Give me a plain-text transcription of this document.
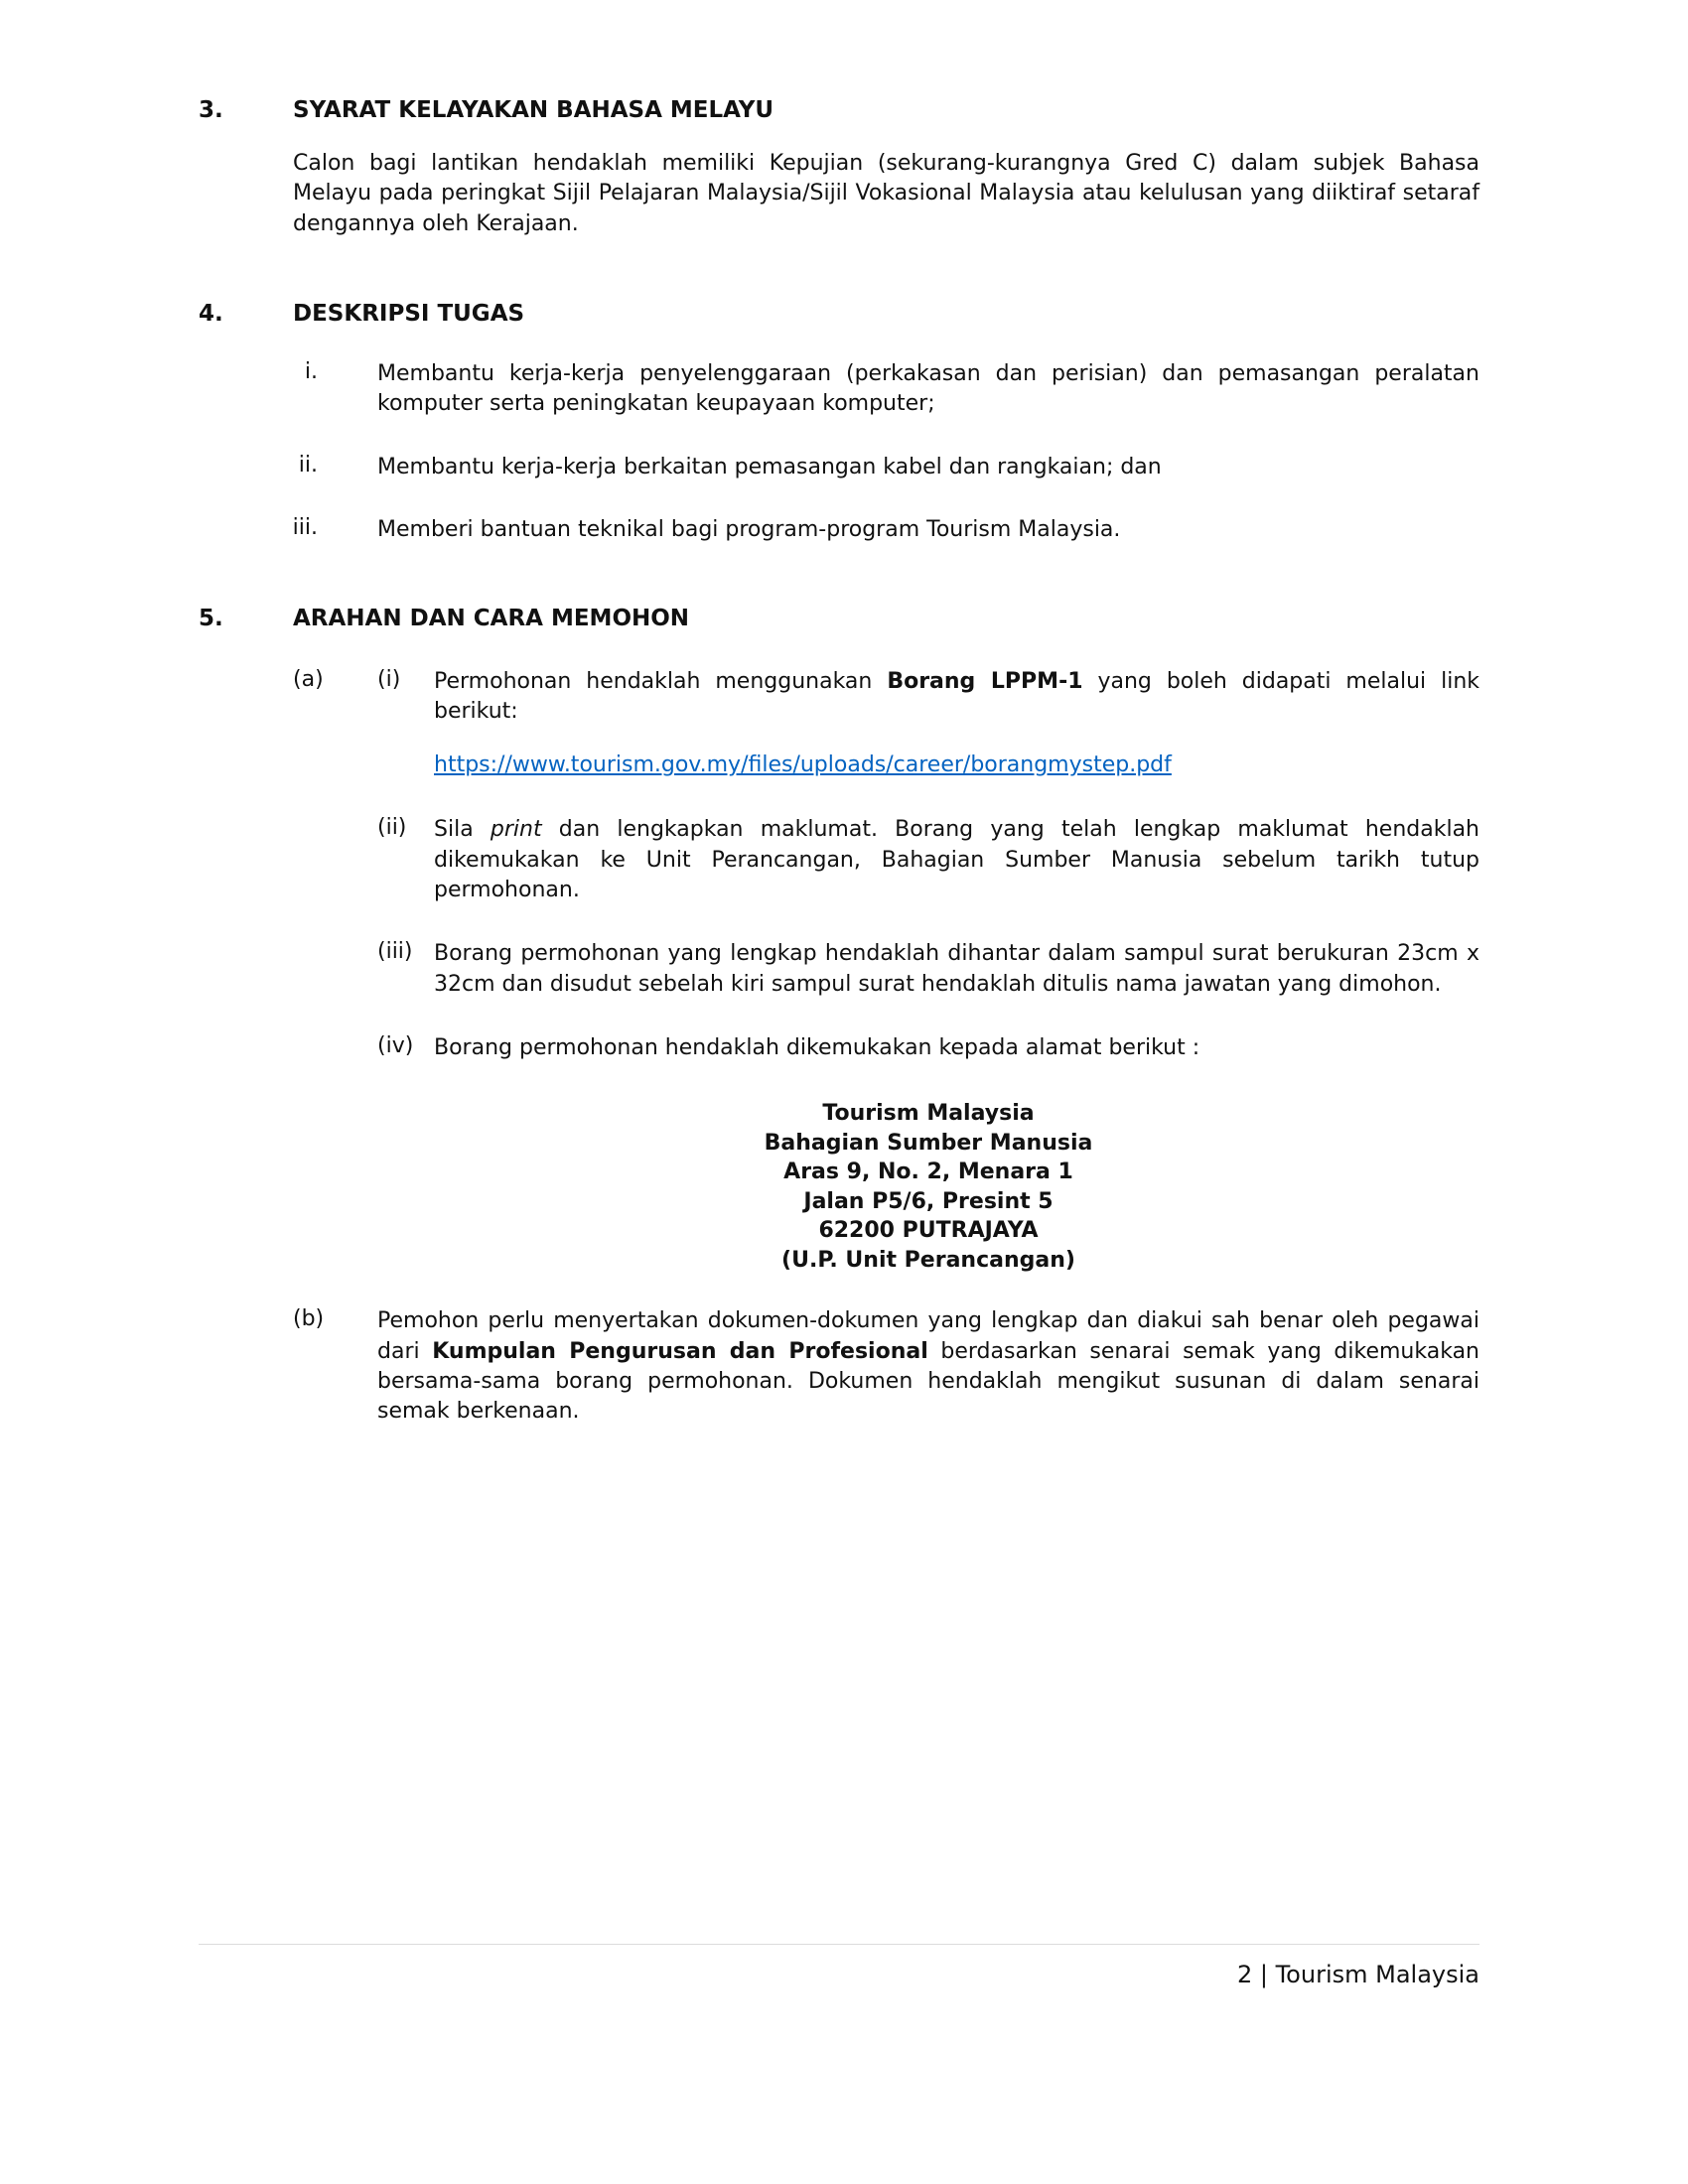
3.	SYARAT KELAYAKAN BAHASA MELAYU

Calon bagi lantikan hendaklah memiliki Kepujian (sekurang-kurangnya Gred C) dalam subjek Bahasa Melayu pada peringkat Sijil Pelajaran Malaysia/Sijil Vokasional Malaysia atau kelulusan yang diiktiraf setaraf dengannya oleh Kerajaan.

4.	DESKRIPSI TUGAS
i.	Membantu kerja-kerja penyelenggaraan (perkakasan dan perisian) dan pemasangan peralatan komputer serta peningkatan keupayaan komputer;
ii.	Membantu kerja-kerja berkaitan pemasangan kabel dan rangkaian; dan
iii.	Memberi bantuan teknikal bagi program-program Tourism Malaysia.
5.	ARAHAN DAN CARA MEMOHON
(a)	(i)	Permohonan hendaklah menggunakan Borang LPPM-1 yang boleh didapati melalui link berikut:
https://www.tourism.gov.my/files/uploads/career/borangmystep.pdf
(ii)	Sila print dan lengkapkan maklumat. Borang yang telah lengkap maklumat hendaklah dikemukakan ke Unit Perancangan, Bahagian Sumber Manusia sebelum tarikh tutup permohonan.
(iii) Borang permohonan yang lengkap hendaklah dihantar dalam sampul surat berukuran 23cm x 32cm dan disudut sebelah kiri sampul surat hendaklah ditulis nama jawatan yang dimohon.
(iv) Borang permohonan hendaklah dikemukakan kepada alamat berikut :
Tourism Malaysia
Bahagian Sumber Manusia
Aras 9, No. 2, Menara 1
Jalan P5/6, Presint 5
62200 PUTRAJAYA
(U.P. Unit Perancangan)
(b)	Pemohon perlu menyertakan dokumen-dokumen yang lengkap dan diakui sah benar oleh pegawai dari Kumpulan Pengurusan dan Profesional berdasarkan senarai semak yang dikemukakan bersama-sama borang permohonan. Dokumen hendaklah mengikut susunan di dalam senarai semak berkenaan.
2 | Tourism Malaysia
